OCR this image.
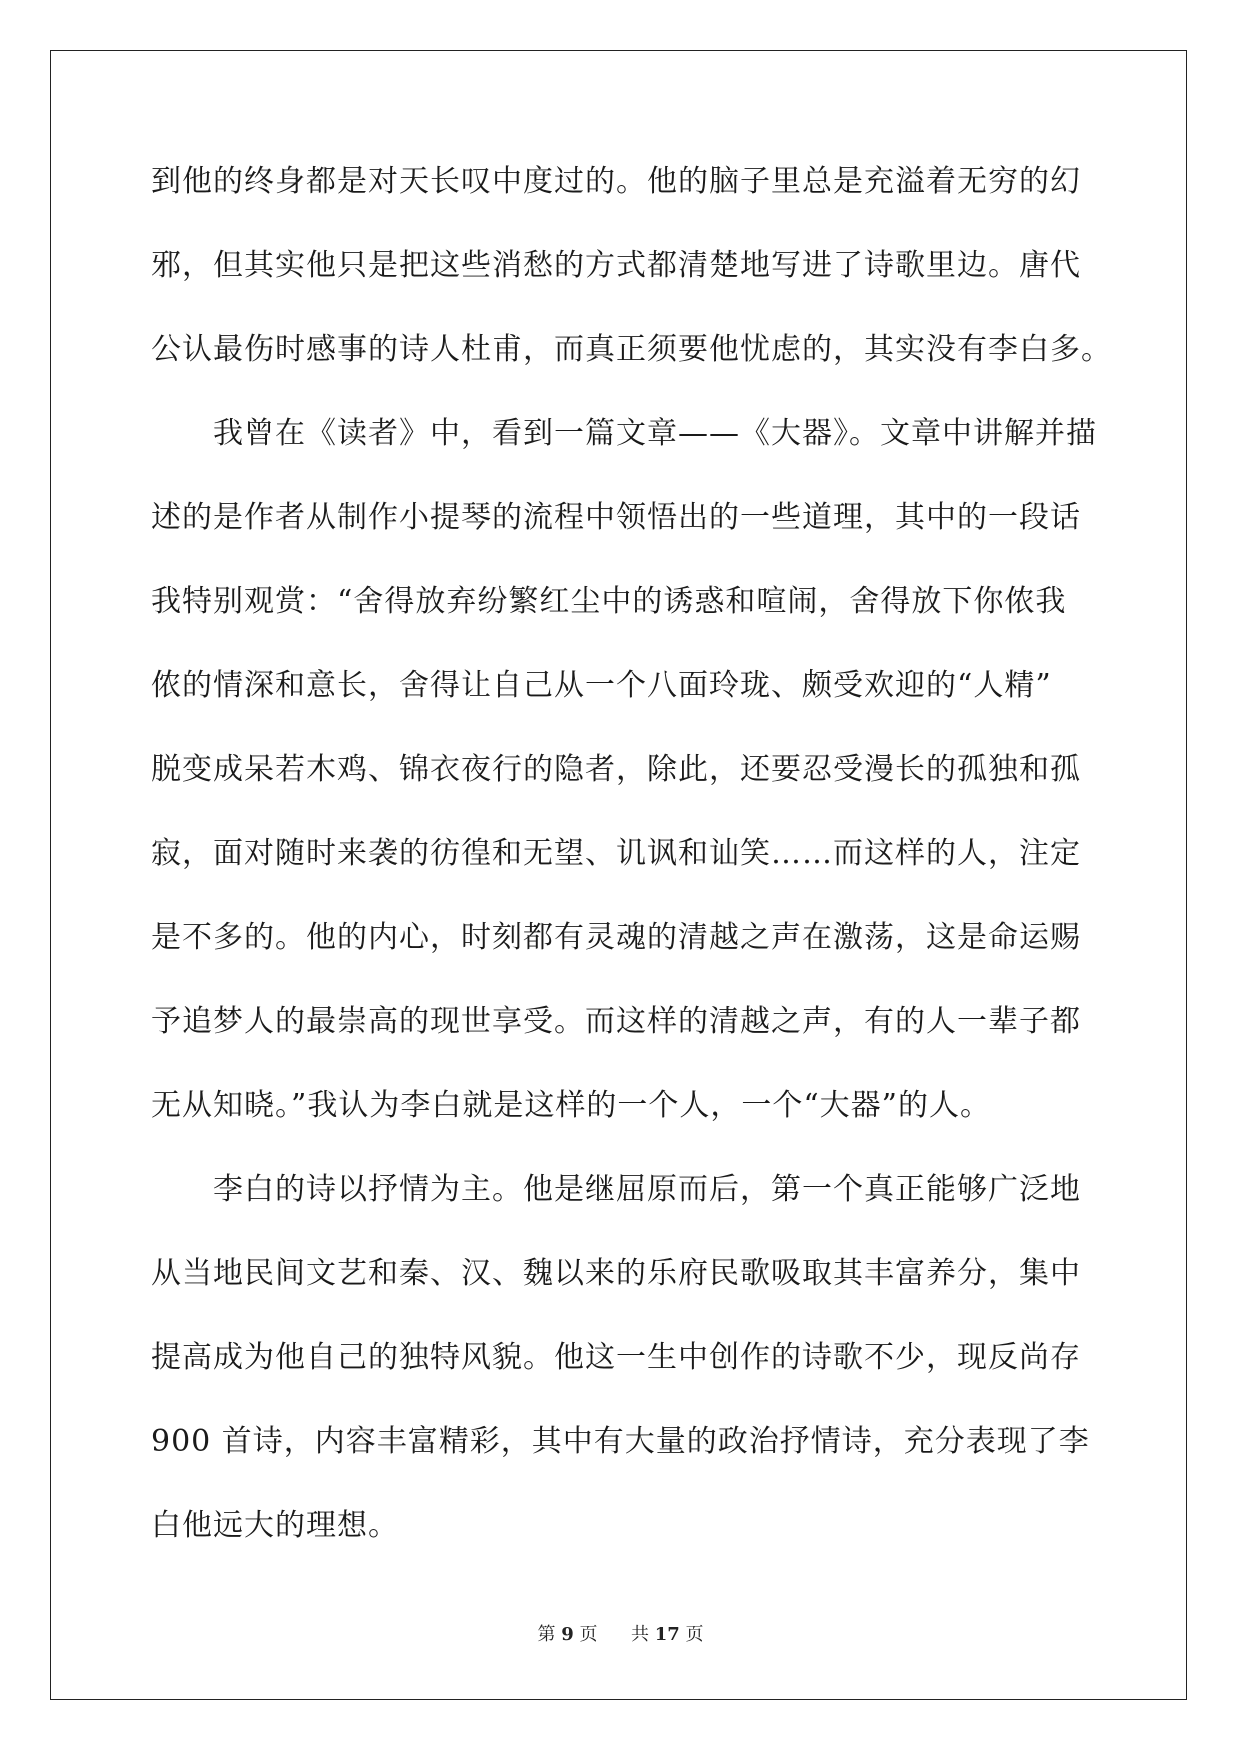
到他的终身都是对天长叹中度过的。他的脑子里总是充溢着无穷的幻
邪，但其实他只是把这些消愁的方式都清楚地写进了诗歌里边。唐代
公认最伤时感事的诗人杜甫，而真正须要他忧虑的，其实没有李白多。
我曾在《读者》中，看到一篇文章——《大器》。文章中讲解并描
述的是作者从制作小提琴的流程中领悟出的一些道理，其中的一段话
我特别观赏：“舍得放弃纷繁红尘中的诱惑和喧闹，舍得放下你侬我
侬的情深和意长，舍得让自己从一个八面玲珑、颇受欢迎的“人精”
脱变成呆若木鸡、锦衣夜行的隐者，除此，还要忍受漫长的孤独和孤
寂，面对随时来袭的彷徨和无望、讥讽和讪笑……而这样的人，注定
是不多的。他的内心，时刻都有灵魂的清越之声在激荡，这是命运赐
予追梦人的最崇高的现世享受。而这样的清越之声，有的人一辈子都
无从知晓。”我认为李白就是这样的一个人，一个“大器”的人。
李白的诗以抒情为主。他是继屈原而后，第一个真正能够广泛地
从当地民间文艺和秦、汉、魏以来的乐府民歌吸取其丰富养分，集中
提高成为他自己的独特风貌。他这一生中创作的诗歌不少，现反尚存
900 首诗，内容丰富精彩，其中有大量的政治抒情诗，充分表现了李
白他远大的理想。
第 9 页 共 17 页
